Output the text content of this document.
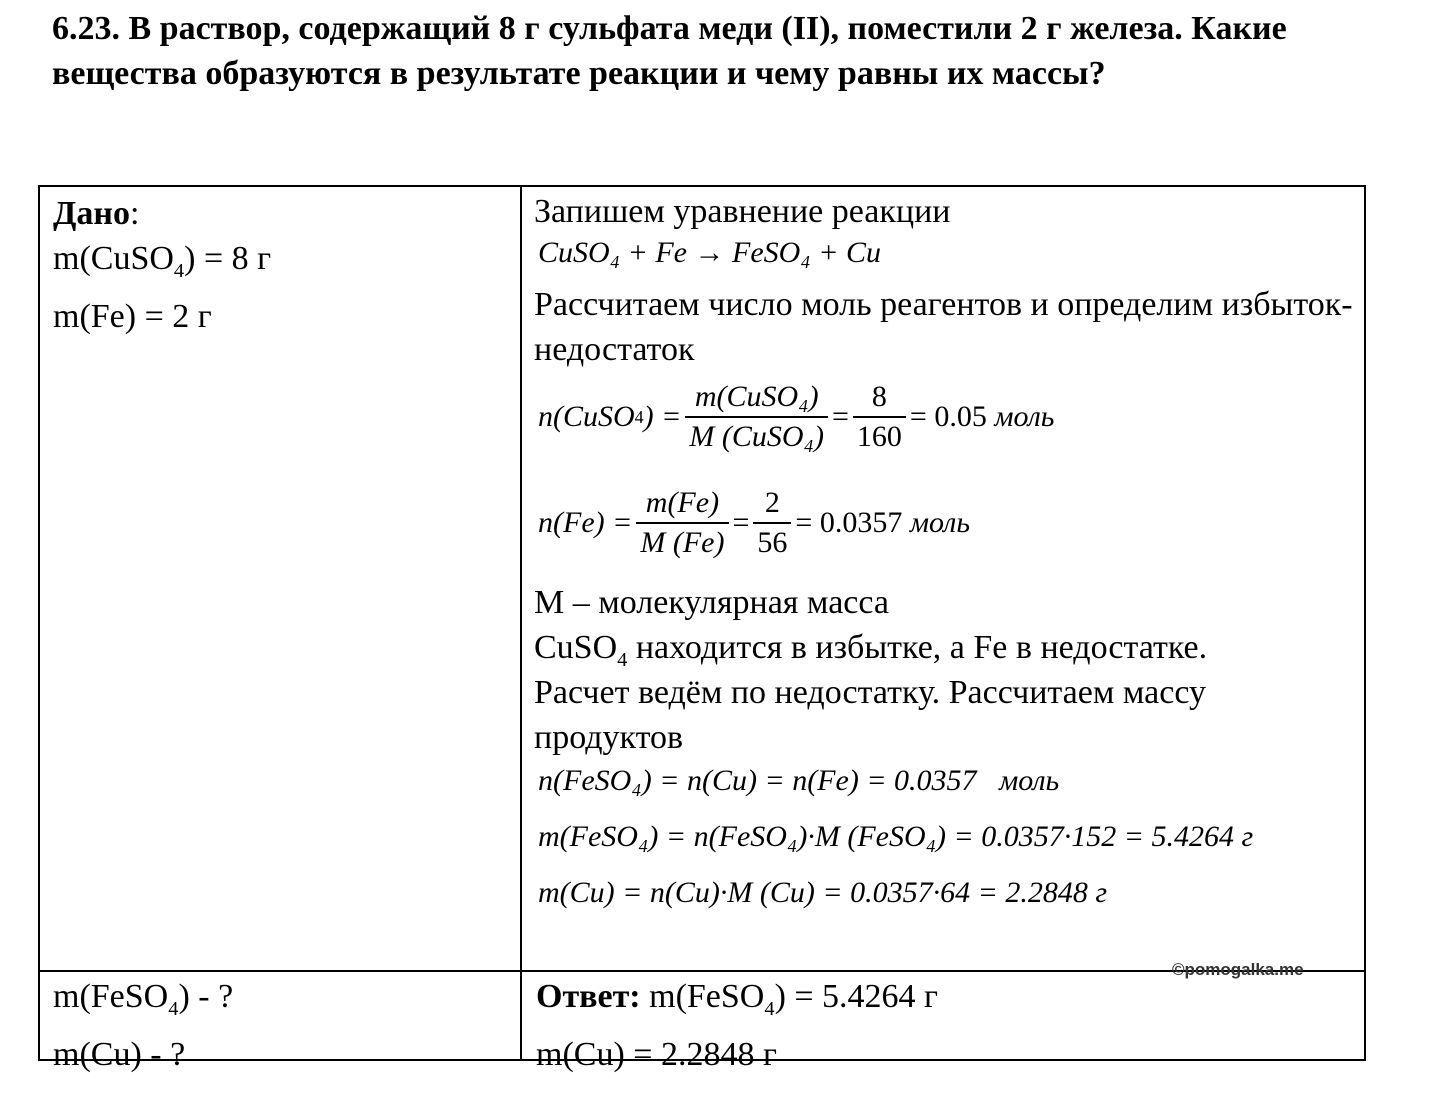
6.23. В раствор, содержащий 8 г сульфата меди (II), поместили 2 г железа. Какие вещества образуются в результате реакции и чему равны их массы?
Дано:
m(CuSO$_4$) = 8 г
m(Fe) = 2 г
m(FeSO$_4$) - ?
m(Cu) - ?
Ответ: m(FeSO$_4$) = 5.4264 г
m(Cu) = 2.2848 г
Запишем уравнение реакции
CuSO₄ + Fe → FeSO₄ + Cu
Рассчитаем число моль реагентов и определим избыток-недостаток
n(CuSO 4 ) = $\frac{\text{m(CuSO₄)}}{\text{M (CuSO₄)}} = \frac{8}{160} = 0.05$
моль
$n(Fe) = \frac{m(Fe)}{M (Fe)} = \frac{2}{56} = 0.0357$
моль
M – молекулярная масса
CuSO$_4$ находится в избытке, а Fe в недостатке.
Расчет ведём по недостатку. Рассчитаем массу продуктов
n(FeSO₄) = n(Cu) = n(Fe) = 0.0357 моль
m(FeSO₄) = n(FeSO₄)·M (FeSO₄) = 0.0357·152 = 5.4264 г
m(Cu) = n(Cu)·M (Cu) = 0.0357·64 = 2.2848 г
©pomogalka.me
